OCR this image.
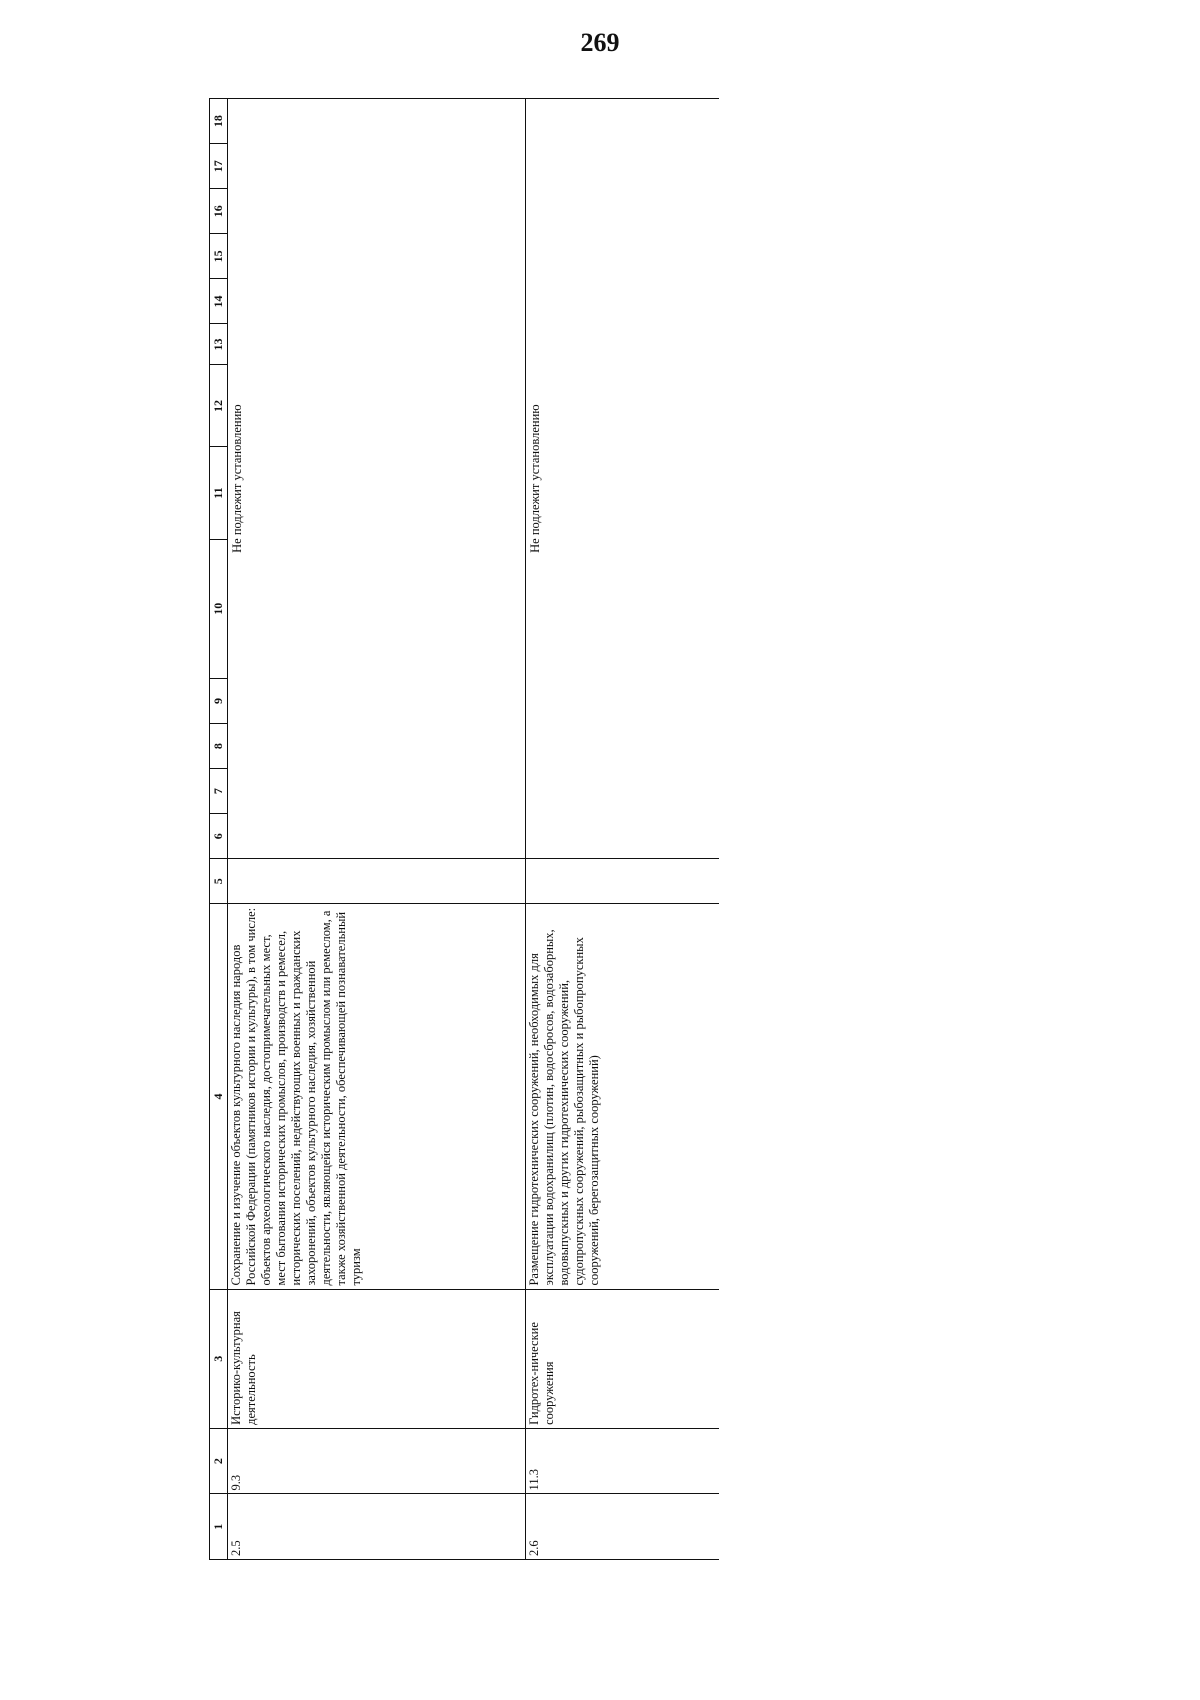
269
1	2	3	4	5	6	7	8	9	10	11	12	13	14	15	16	17	18
2.5	9.3	Историко-культурная деятельность	Сохранение и изучение объектов культурного наследия народов Российской Федерации (памятников истории и культуры), в том числе: объектов археологического наследия, достопримечательных мест, мест бытования исторических промыслов, производств и ремесел, исторических поселений, недействующих военных и гражданских захоронений, объектов культурного наследия, хозяйственной деятельности, являющейся историческим промыслом или ремеслом, а также хозяйственной деятельности, обеспечивающей познавательный туризм		Не подлежит установлению												
2.6	11.3	Гидротех-нические сооружения	Размещение гидротехнических сооружений, необходимых для эксплуатации водохранилищ (плотин, водосбросов, водозаборных, водовыпускных и других гидротехнических сооружений, судопропускных сооружений, рыбозащитных и рыбопропускных сооружений, берегозащитных сооружений)		Не подлежит установлению												
